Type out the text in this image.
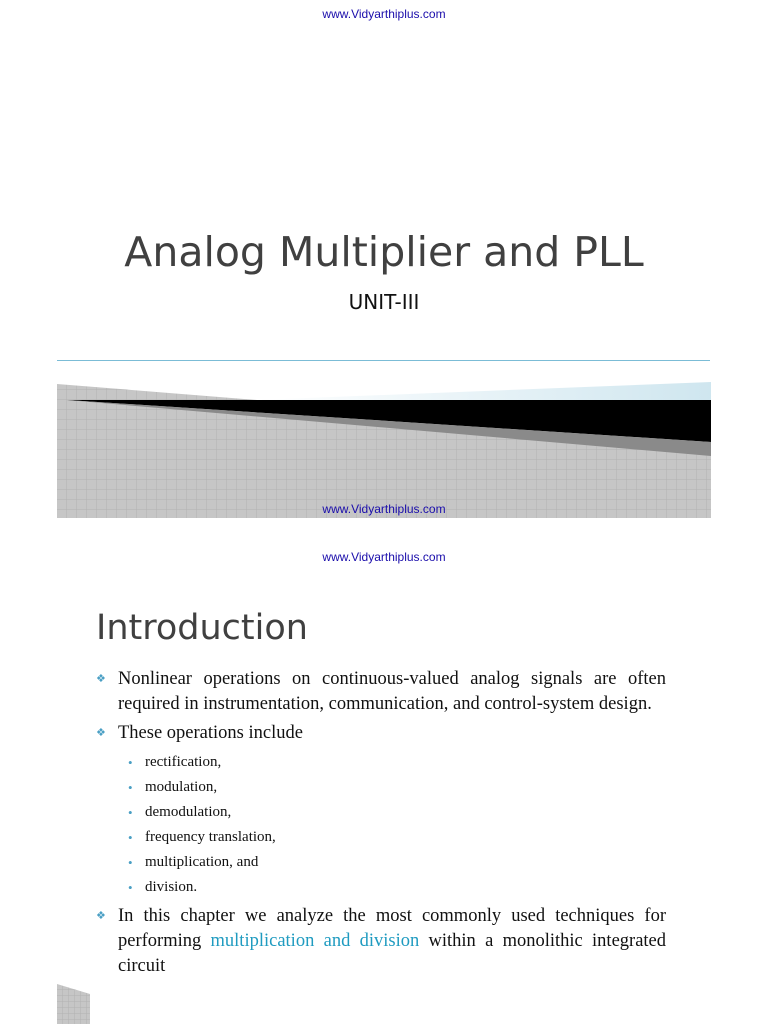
www.Vidyarthiplus.com
Analog Multiplier and PLL
UNIT-III
www.Vidyarthiplus.com
www.Vidyarthiplus.com
Introduction
❖ Nonlinear operations on continuous-valued analog signals are often required in instrumentation, communication, and control-system design.
❖ These operations include
• rectification,
• modulation,
• demodulation,
• frequency translation,
• multiplication, and
• division.
❖ In this chapter we analyze the most commonly used techniques for performing multiplication and division within a monolithic integrated circuit
